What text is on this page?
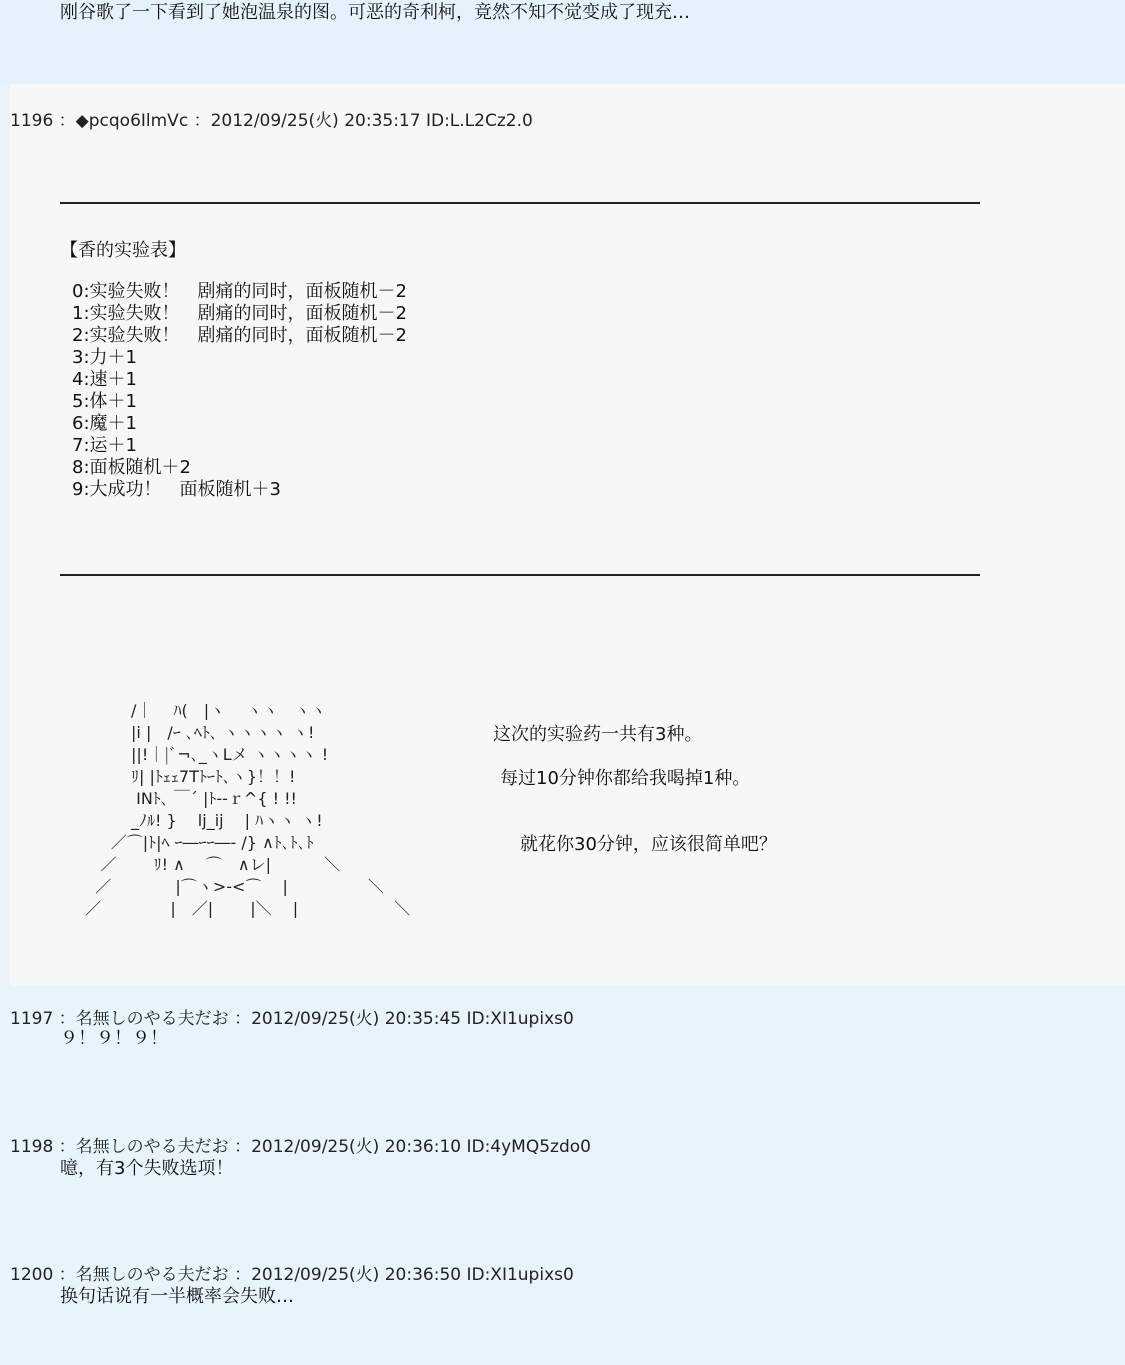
刚谷歌了一下看到了她泡温泉的图。可恶的奇利柯，竟然不知不觉变成了现充…
1196 ：◆pcqo6IlmVc ：2012/09/25(火) 20:35:17 ID:L.L2Cz2.0
【香的实验表】
0:实验失败！　剧痛的同时，面板随机－2
1:实验失败！　剧痛的同时，面板随机－2
2:实验失败！　剧痛的同时，面板随机－2
3:力＋1
4:速＋1
5:体＋1
6:魔＋1
7:运＋1
8:面板随机＋2
9:大成功！　面板随机＋3
/｜　 ﾊ(　|ヽ　 ヽヽ　ヽヽ
|i |　/ｰ ､ﾍﾄ､ ヽヽヽヽ ヽ!
||!｜|ﾞ¬､_ヽLメ ヽヽヽヽ !
ﾘ| |ﾄｪｪ7Tﾄｰﾄ､ヽ}！！!
INﾄ､ ￣´ |ﾄ--ｒ^{ ! !!
_ﾉﾙ! }　 lj_ij　 | ﾊヽヽ ヽ!
／⌒|ﾄ|ﾍ ｰ―ｰｰ―‐ /} ∧ﾄ､ﾄ､ﾄ
／　　 ﾘ! ∧　 ⌒　∧レ|　　　 ＼
／　　　　|⌒ヽ>-<⌒　 |　　　　　＼
／　　　　 |　／|　　 |＼　 |　　　　　　＼
这次的实验药一共有3种。
每过10分钟你都给我喝掉1种。
就花你30分钟，应该很简单吧？
1197 ：名無しのやる夫だお ：2012/09/25(火) 20:35:45 ID:XI1upixs0
９！９！９！
1198 ：名無しのやる夫だお ：2012/09/25(火) 20:36:10 ID:4yMQ5zdo0
噫，有3个失败选项！
1200 ：名無しのやる夫だお ：2012/09/25(火) 20:36:50 ID:XI1upixs0
换句话说有一半概率会失败…
